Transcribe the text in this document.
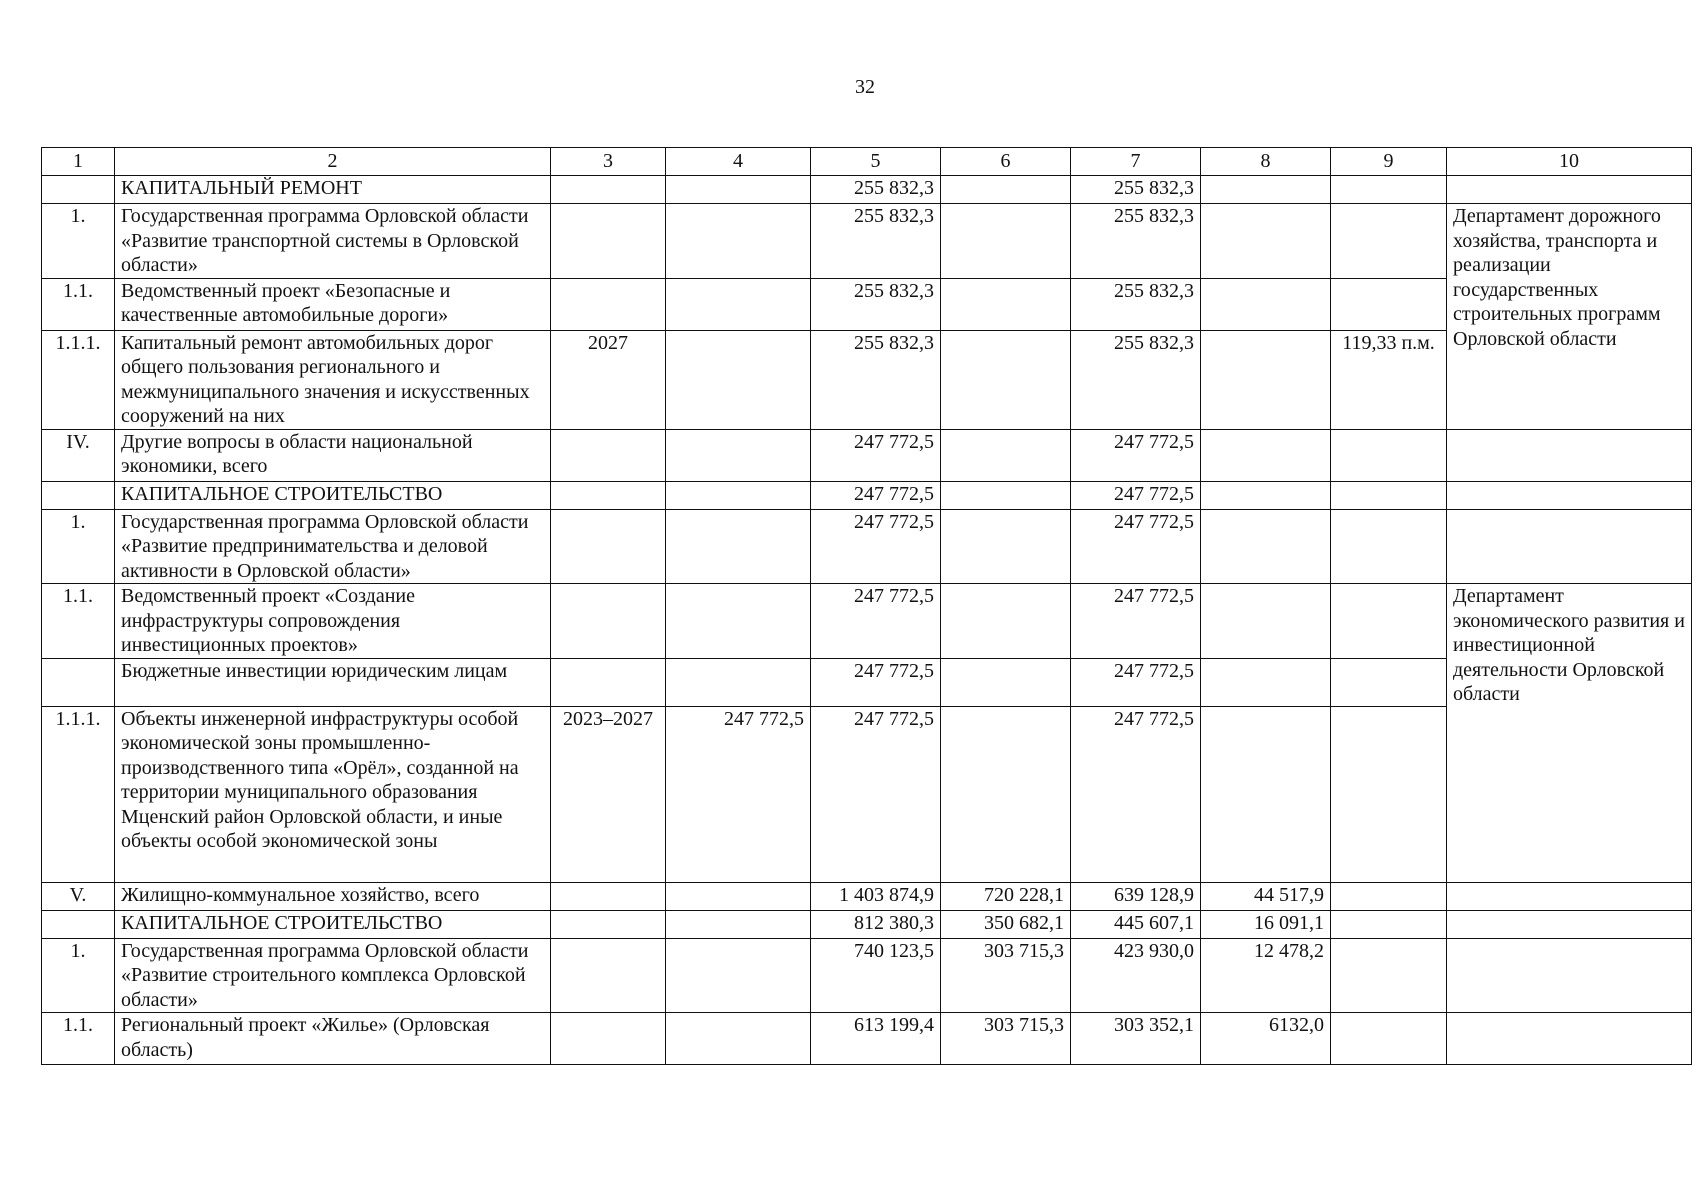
32
1	2	3	4	5	6	7	8	9	10
	КАПИТАЛЬНЫЙ РЕМОНТ			255 832,3		255 832,3			
1.	Государственная программа Орловской области «Развитие транспортной системы в Орловской области»			255 832,3		255 832,3			Департамент дорожного хозяйства, транспорта и реализации государственных строительных программ Орловской области
1.1.	Ведомственный проект «Безопасные и качественные автомобильные дороги»			255 832,3		255 832,3			
1.1.1.	Капитальный ремонт автомобильных дорог общего пользования регионального и межмуниципального значения и искусственных сооружений на них	2027		255 832,3		255 832,3		119,33 п.м.	
IV.	Другие вопросы в области национальной экономики, всего			247 772,5		247 772,5			
	КАПИТАЛЬНОЕ СТРОИТЕЛЬСТВО			247 772,5		247 772,5			
1.	Государственная программа Орловской области «Развитие предпринимательства и деловой активности в Орловской области»			247 772,5		247 772,5			
1.1.	Ведомственный проект «Создание инфраструктуры сопровождения инвестиционных проектов»			247 772,5		247 772,5			Департамент экономического развития и инвестиционной деятельности Орловской области
	Бюджетные инвестиции юридическим лицам			247 772,5		247 772,5			
1.1.1.	Объекты инженерной инфраструктуры особой экономической зоны промышленно-производственного типа «Орёл», созданной на территории муниципального образования Мценский район Орловской области, и иные объекты особой экономической зоны	2023–2027	247 772,5	247 772,5		247 772,5			
V.	Жилищно-коммунальное хозяйство, всего			1 403 874,9	720 228,1	639 128,9	44 517,9		
	КАПИТАЛЬНОЕ СТРОИТЕЛЬСТВО			812 380,3	350 682,1	445 607,1	16 091,1		
1.	Государственная программа Орловской области «Развитие строительного комплекса Орловской области»			740 123,5	303 715,3	423 930,0	12 478,2		
1.1.	Региональный проект «Жилье» (Орловская область)			613 199,4	303 715,3	303 352,1	6132,0		
